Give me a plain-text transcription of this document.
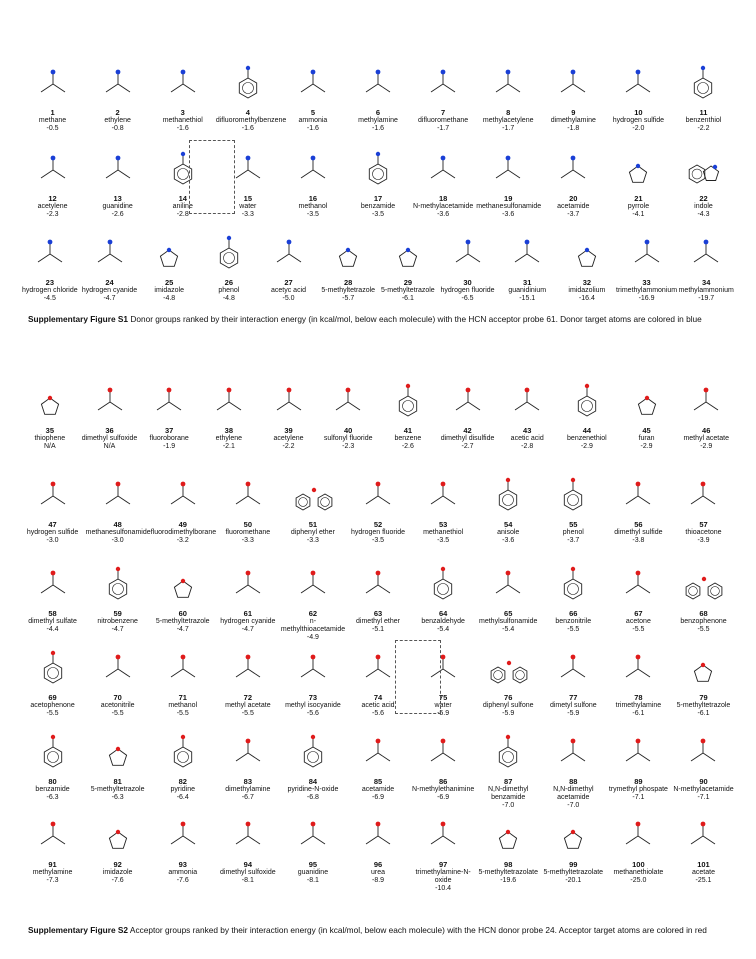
1
methane
-0.5
2
ethylene
-0.8
3
methanethiol
-1.6
4
difluoromethylbenzene
-1.6
5
ammonia
-1.6
6
methylamine
-1.6
7
difluoromethane
-1.7
8
methylacetylene
-1.7
9
dimethylamine
-1.8
10
hydrogen sulfide
-2.0
11
benzenthiol
-2.2
12
acetylene
-2.3
13
guanidine
-2.6
14
aniline
-2.8
15
water
-3.3
16
methanol
-3.5
17
benzamide
-3.5
18
N-methylacetamide
-3.6
19
methanesulfonamide
-3.6
20
acetamide
-3.7
21
pyrrole
-4.1
22
indole
-4.3
23
hydrogen chloride
-4.5
24
hydrogen cyanide
-4.7
25
imidazole
-4.8
26
phenol
-4.8
27
acetyc acid
-5.0
28
5-methyltetrazole
-5.7
29
5-methyltetrazole
-6.1
30
hydrogen fluoride
-6.5
31
guanidinium
-15.1
32
imidazolium
-16.4
33
trimethylammonium
-16.9
34
methylammonium
-19.7
Supplementary Figure S1 Donor groups ranked by their interaction energy (in kcal/mol, below each molecule) with the HCN acceptor probe 61. Donor target atoms are colored in blue
35
thiophene
N/A
36
dimethyl sulfoxide
N/A
37
fluoroborane
-1.9
38
ethylene
-2.1
39
acetylene
-2.2
40
sulfonyl fluoride
-2.3
41
benzene
-2.6
42
dimethyl disulfide
-2.7
43
acetic acid
-2.8
44
benzenethiol
-2.9
45
furan
-2.9
46
methyl acetate
-2.9
47
hydrogen sulfide
-3.0
48
methanesulfonamide
-3.0
49
fluorodimethylborane
-3.2
50
fluoromethane
-3.3
51
diphenyl ether
-3.3
52
hydrogen fluoride
-3.5
53
methanethiol
-3.5
54
anisole
-3.6
55
phenol
-3.7
56
dimethyl sulfide
-3.8
57
thioacetone
-3.9
58
dimethyl sulfate
-4.4
59
nitrobenzene
-4.7
60
5-methyltetrazole
-4.7
61
hydrogen cyanide
-4.7
62
n-methylthioacetamide
-4.9
63
dimethyl ether
-5.1
64
benzaldehyde
-5.4
65
methylsulfonamide
-5.4
66
benzonitrile
-5.5
67
acetone
-5.5
68
benzophenone
-5.5
69
acetophenone
-5.5
70
acetonitrile
-5.5
71
methanol
-5.5
72
methyl acetate
-5.5
73
methyl isocyanide
-5.6
74
acetic acid
-5.6
75
water
-5.9
76
diphenyl sulfone
-5.9
77
dimetyl sulfone
-5.9
78
trimethylamine
-6.1
79
5-methyltetrazole
-6.1
80
benzamide
-6.3
81
5-methyltetrazole
-6.3
82
pyridine
-6.4
83
dimethylamine
-6.7
84
pyridine-N-oxide
-6.8
85
acetamide
-6.9
86
N-methylethanimine
-6.9
87
N,N-dimethyl benzamide
-7.0
88
N,N-dimethyl acetamide
-7.0
89
trymethyl phospate
-7.1
90
N-methylacetamide
-7.1
91
methylamine
-7.3
92
imidazole
-7.6
93
ammonia
-7.6
94
dimethyl sulfoxide
-8.1
95
guanidine
-8.1
96
urea
-8.9
97
trimethylamine-N-oxide
-10.4
98
5-methyltetrazolate
-19.6
99
5-methyltetrazolate
-20.1
100
methanethiolate
-25.0
101
acetate
-25.1
Supplementary Figure S2 Acceptor groups ranked by their interaction energy (in kcal/mol, below each molecule) with the HCN donor probe 24. Acceptor target atoms are colored in red
